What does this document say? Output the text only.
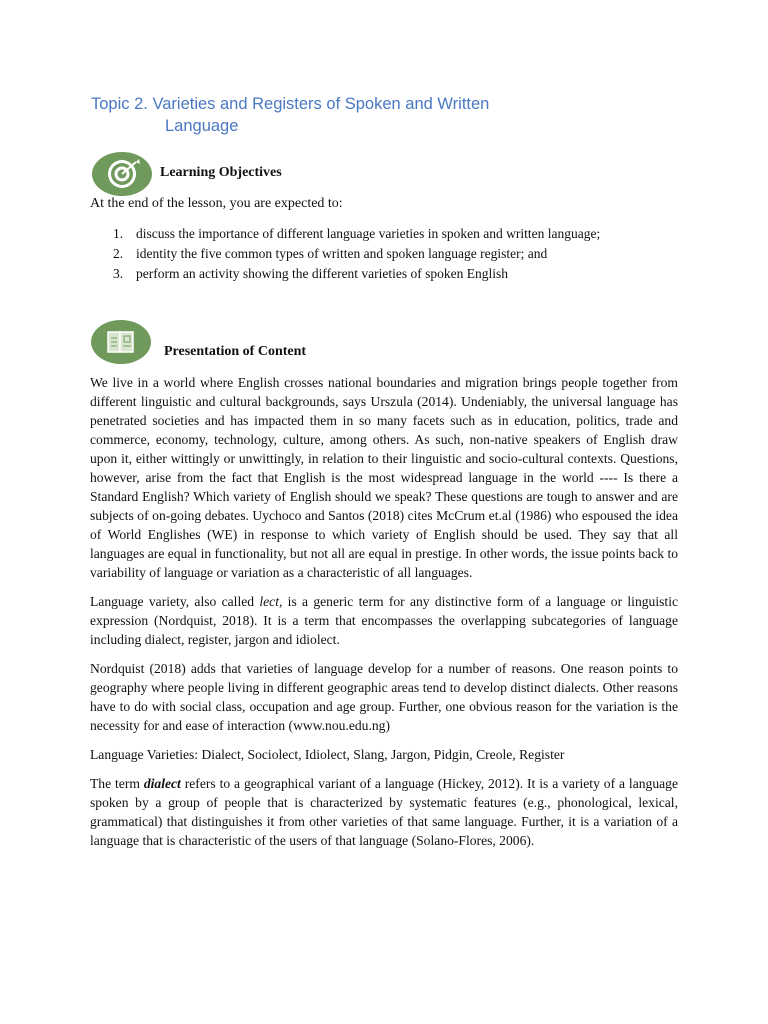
Topic 2. Varieties and Registers of Spoken and Written
Language
Learning Objectives
At the end of the lesson, you are expected to:
1. discuss the importance of different language varieties in spoken and written language;
2. identity the five common types of written and spoken language register; and
3. perform an activity showing the different varieties of spoken English
Presentation of Content

We live in a world where English crosses national boundaries and migration brings people together from different linguistic and cultural backgrounds, says Urszula (2014). Undeniably, the universal language has penetrated societies and has impacted them in so many facets such as in education, politics, trade and commerce, economy, technology, culture, among others. As such, non-native speakers of English draw upon it, either wittingly or unwittingly, in relation to their linguistic and socio-cultural contexts. Questions, however, arise from the fact that English is the most widespread language in the world ---- Is there a Standard English? Which variety of English should we speak? These questions are tough to answer and are subjects of on-going debates. Uychoco and Santos (2018) cites McCrum et.al (1986) who espoused the idea of World Englishes (WE) in response to which variety of English should be used. They say that all languages are equal in functionality, but not all are equal in prestige. In other words, the issue points back to variability of language or variation as a characteristic of all languages.

Language variety, also called lect, is a generic term for any distinctive form of a language or linguistic expression (Nordquist, 2018). It is a term that encompasses the overlapping subcategories of language including dialect, register, jargon and idiolect.

Nordquist (2018) adds that varieties of language develop for a number of reasons. One reason points to geography where people living in different geographic areas tend to develop distinct dialects. Other reasons have to do with social class, occupation and age group. Further, one obvious reason for the variation is the necessity for and ease of interaction (www.nou.edu.ng)

Language Varieties: Dialect, Sociolect, Idiolect, Slang, Jargon, Pidgin, Creole, Register

The term dialect refers to a geographical variant of a language (Hickey, 2012). It is a variety of a language spoken by a group of people that is characterized by systematic features (e.g., phonological, lexical, grammatical) that distinguishes it from other varieties of that same language. Further, it is a variation of a language that is characteristic of the users of that language (Solano-Flores, 2006).
